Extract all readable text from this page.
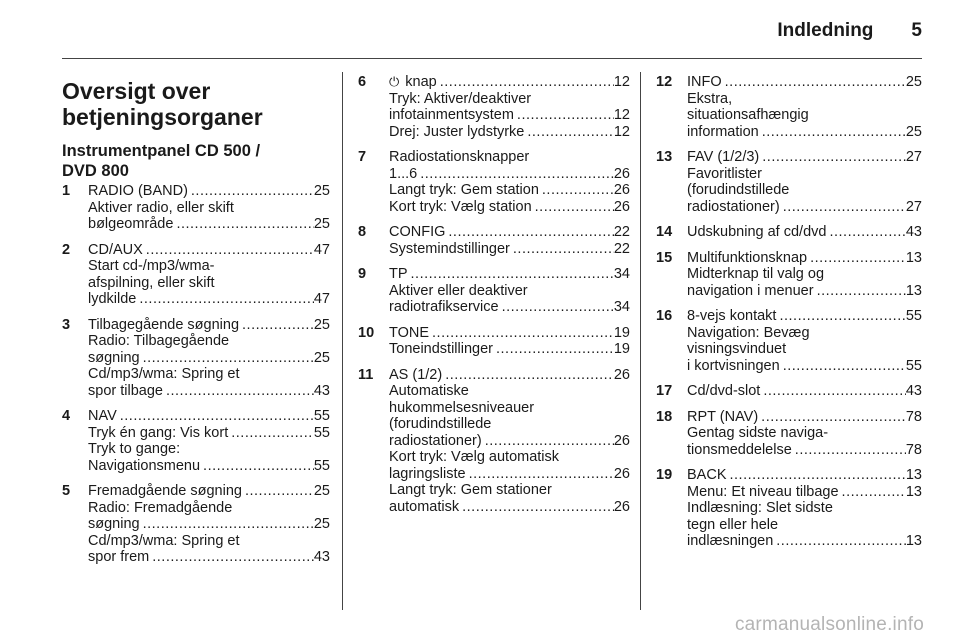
Indledning 5
Oversigt over
betjeningsorganer
Instrumentpanel CD 500 /
DVD 800
1	RADIO (BAND) .....	25
Aktiver radio, eller skift
bølgeområde .....	25
2	CD/AUX .....	47
Start cd-/mp3/wma-
afspilning, eller skift
lydkilde .....	47
3	Tilbagegående søgning .....	25
Radio: Tilbagegående
søgning .....	25
Cd/mp3/wma: Spring et
spor tilbage .....	43
4	NAV .....	55
Tryk én gang: Vis kort .....	55
Tryk to gange:
Navigationsmenu .....	55
5	Fremadgående søgning .....	25
Radio: Fremadgående
søgning .....	25
Cd/mp3/wma: Spring et
spor frem .....	43
6	⏻ knap .....	12
Tryk: Aktiver/deaktiver
infotainmentsystem .....	12
Drej: Juster lydstyrke .....	12
7	Radiostationsknapper
1...6 .....	26
Langt tryk: Gem station .....	26
Kort tryk: Vælg station .....	26
8	CONFIG .....	22
Systemindstillinger .....	22
9	TP .....	34
Aktiver eller deaktiver
radiotrafikservice .....	34
10	TONE .....	19
Toneindstillinger .....	19
11	AS (1/2) .....	26
Automatiske
hukommelsesniveauer
(forudindstillede
radiostationer) .....	26
Kort tryk: Vælg automatisk
lagringsliste .....	26
Langt tryk: Gem stationer
automatisk .....	26
12	INFO .....	25
Ekstra,
situationsafhængig
information .....	25
13	FAV (1/2/3) .....	27
Favoritlister
(forudindstillede
radiostationer) .....	27
14	Udskubning af cd/dvd .....	43
15	Multifunktionsknap .....	13
Midterknap til valg og
navigation i menuer .....	13
16	8-vejs kontakt .....	55
Navigation: Bevæg
visningsvinduet
i kortvisningen .....	55
17	Cd/dvd-slot .....	43
18	RPT (NAV) .....	78
Gentag sidste naviga-
tionsmeddelelse .....	78
19	BACK .....	13
Menu: Et niveau tilbage .....	13
Indlæsning: Slet sidste
tegn eller hele
indlæsningen .....	13
carmanualsonline.info
